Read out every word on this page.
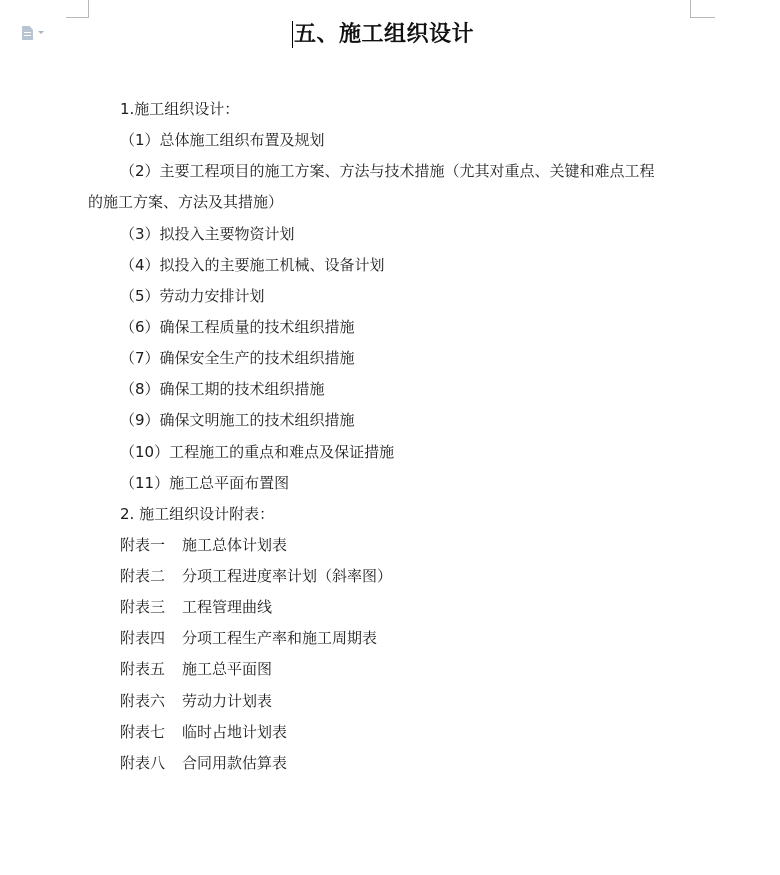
五、施工组织设计
1.施工组织设计：
（1）总体施工组织布置及规划
（2）主要工程项目的施工方案、方法与技术措施（尤其对重点、关键和难点工程
的施工方案、方法及其措施）
（3）拟投入主要物资计划
（4）拟投入的主要施工机械、设备计划
（5）劳动力安排计划
（6）确保工程质量的技术组织措施
（7）确保安全生产的技术组织措施
（8）确保工期的技术组织措施
（9）确保文明施工的技术组织措施
（10）工程施工的重点和难点及保证措施
（11）施工总平面布置图
2. 施工组织设计附表：
附表一 施工总体计划表
附表二 分项工程进度率计划（斜率图）
附表三 工程管理曲线
附表四 分项工程生产率和施工周期表
附表五 施工总平面图
附表六 劳动力计划表
附表七 临时占地计划表
附表八 合同用款估算表
